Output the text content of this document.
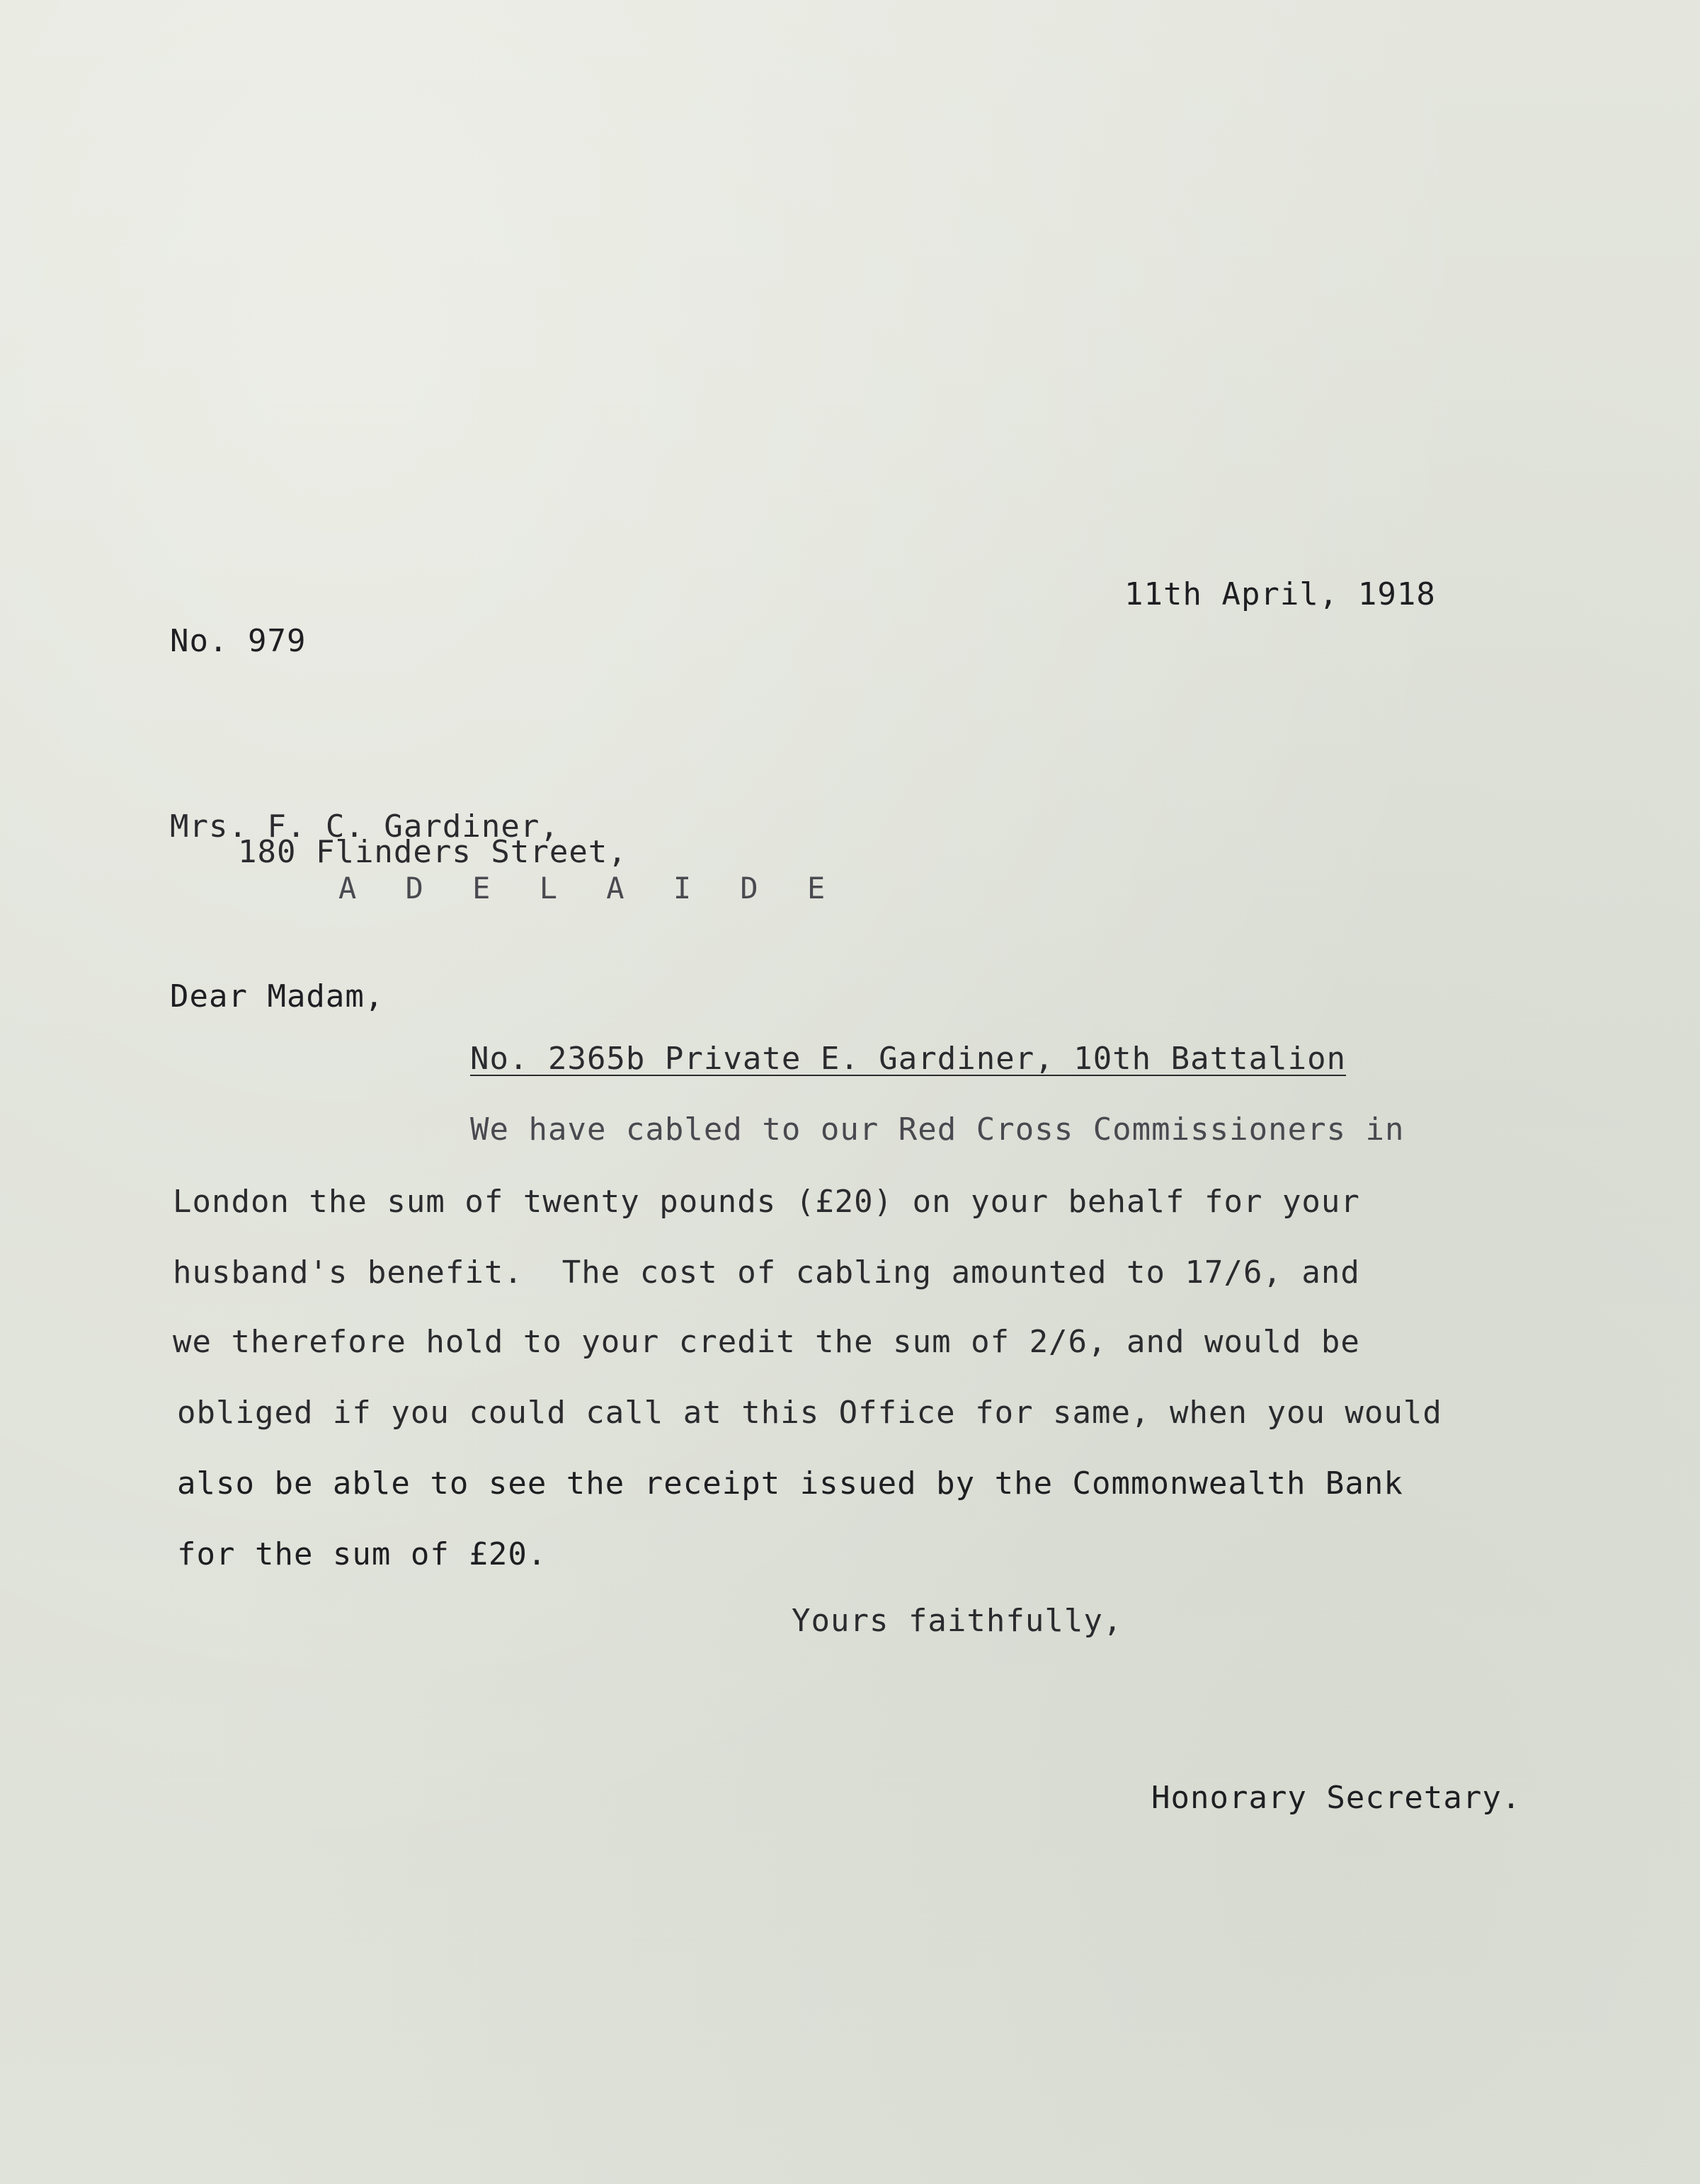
11th April, 1918
No. 979
Mrs. F. C. Gardiner,
180 Flinders Street,
A D E L A I D E
Dear Madam,
No. 2365b Private E. Gardiner, 10th Battalion
We have cabled to our Red Cross Commissioners in
London the sum of twenty pounds (£20) on your behalf for your
husband's benefit.  The cost of cabling amounted to 17/6, and
we therefore hold to your credit the sum of 2/6, and would be
obliged if you could call at this Office for same, when you would
also be able to see the receipt issued by the Commonwealth Bank
for the sum of £20.
Yours faithfully,
Honorary Secretary.
